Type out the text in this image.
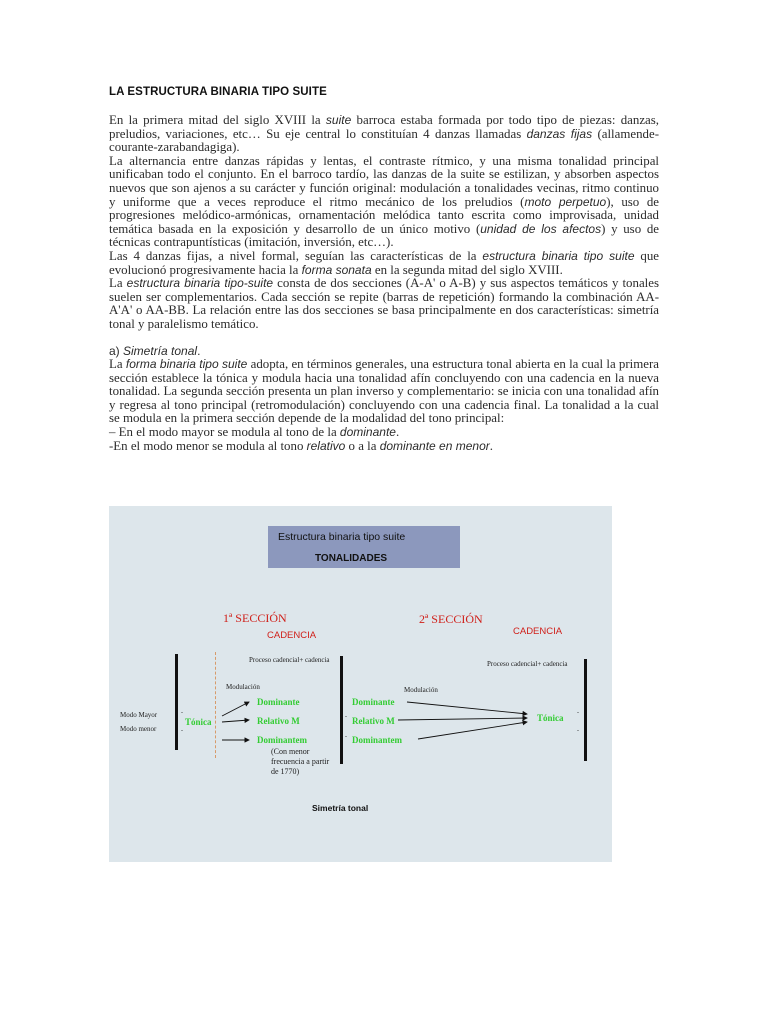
LA ESTRUCTURA BINARIA TIPO SUITE

En la primera mitad del siglo XVIII la suite barroca estaba formada por todo tipo de piezas: danzas, preludios, variaciones, etc… Su eje central lo constituían 4 danzas llamadas danzas fijas (allamende-courante-zarabandagiga).

La alternancia entre danzas rápidas y lentas, el contraste rítmico, y una misma tonalidad principal unificaban todo el conjunto. En el barroco tardío, las danzas de la suite se estilizan, y absorben aspectos nuevos que son ajenos a su carácter y función original: modulación a tonalidades vecinas, ritmo continuo y uniforme que a veces reproduce el ritmo mecánico de los preludios (moto perpetuo), uso de progresiones melódico-armónicas, ornamentación melódica tanto escrita como improvisada, unidad temática basada en la exposición y desarrollo de un único motivo (unidad de los afectos) y uso de técnicas contrapuntísticas (imitación, inversión, etc…).

Las 4 danzas fijas, a nivel formal, seguían las características de la estructura binaria tipo suite que evolucionó progresivamente hacia la forma sonata en la segunda mitad del siglo XVIII.

La estructura binaria tipo-suite consta de dos secciones (A-A' o A-B) y sus aspectos temáticos y tonales suelen ser complementarios. Cada sección se repite (barras de repetición) formando la combinación AA-A'A' o AA-BB. La relación entre las dos secciones se basa principalmente en dos características: simetría tonal y paralelismo temático.

a) Simetría tonal.

La forma binaria tipo suite adopta, en términos generales, una estructura tonal abierta en la cual la primera sección establece la tónica y modula hacia una tonalidad afín concluyendo con una cadencia en la nueva tonalidad. La segunda sección presenta un plan inverso y complementario: se inicia con una tonalidad afín y regresa al tono principal (retromodulación) concluyendo con una cadencia final. La tonalidad a la cual se modula en la primera sección depende de la modalidad del tono principal:

– En el modo mayor se modula al tono de la dominante.

-En el modo menor se modula al tono relativo o a la dominante en menor.

Estructura binaria tipo suite
TONALIDADES
1ª SECCIÓN
CADENCIA
2ª SECCIÓN
CADENCIA
Proceso cadencial+ cadencia	Proceso cadencial+ cadencia
Modulación	Modulación
Modo Mayor
Modo menor
.
.
.
.
.
.
Tónica
Dominante
Relativo M
Dominantem
(Con menor
frecuencia a partir
de 1770)
Dominante
Relativo M
Dominantem
Tónica
Simetría tonal
